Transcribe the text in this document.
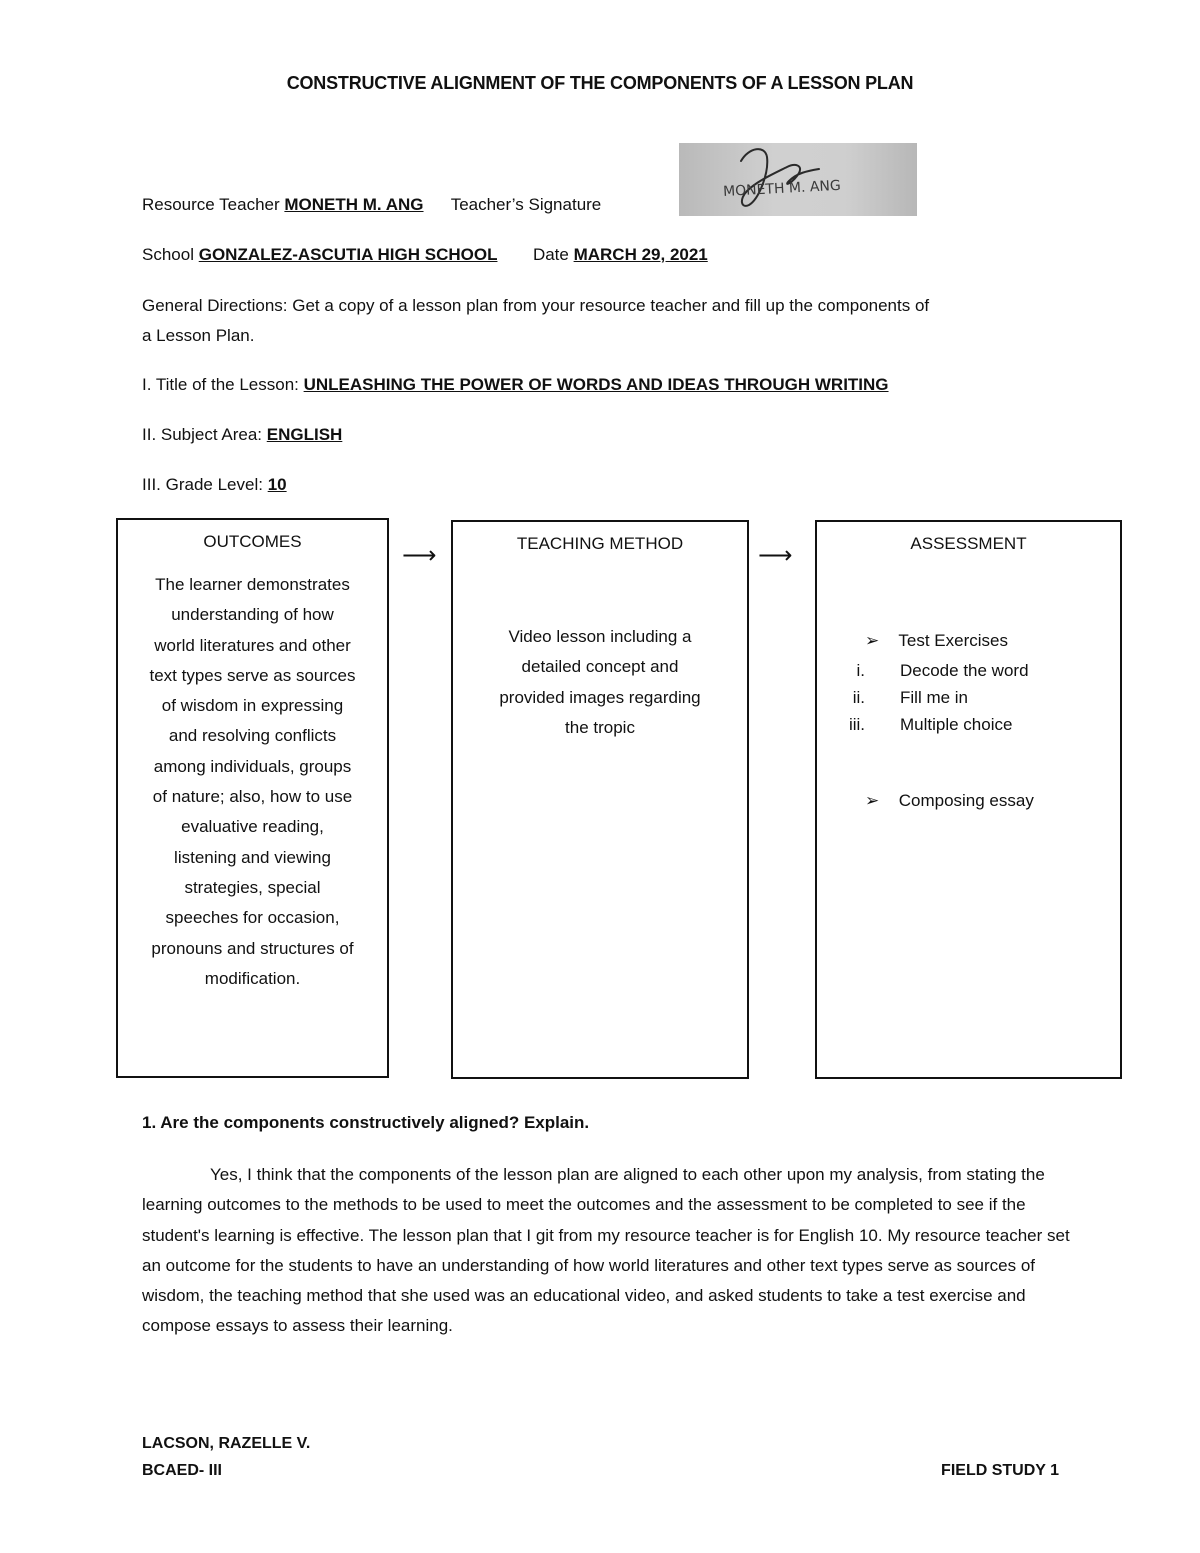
CONSTRUCTIVE ALIGNMENT OF THE COMPONENTS OF A LESSON PLAN
Resource Teacher MONETH M. ANG Teacher’s Signature
MONETH M. ANG
School GONZALEZ-ASCUTIA HIGH SCHOOL Date MARCH 29, 2021
General Directions: Get a copy of a lesson plan from your resource teacher and fill up the components of
a Lesson Plan.
I. Title of the Lesson: UNLEASHING THE POWER OF WORDS AND IDEAS THROUGH WRITING
II. Subject Area: ENGLISH
III. Grade Level: 10
OUTCOMES
The learner demonstrates
understanding of how
world literatures and other
text types serve as sources
of wisdom in expressing
and resolving conflicts
among individuals, groups
of nature; also, how to use
evaluative reading,
listening and viewing
strategies, special
speeches for occasion,
pronouns and structures of
modification.
⟶	TEACHING METHOD
Video lesson including a
detailed concept and
provided images regarding
the tropic
⟶	ASSESSMENT
➢ Test Exercises
i. Decode the word
ii. Fill me in
iii. Multiple choice
➢ Composing essay
1. Are the components constructively aligned? Explain.
Yes, I think that the components of the lesson plan are aligned to each other upon my analysis, from stating the learning outcomes to the methods to be used to meet the outcomes and the assessment to be completed to see if the student's learning is effective. The lesson plan that I git from my resource teacher is for English 10. My resource teacher set an outcome for the students to have an understanding of how world literatures and other text types serve as sources of wisdom, the teaching method that she used was an educational video, and asked students to take a test exercise and compose essays to assess their learning.
LACSON, RAZELLE V.
BCAED- III	FIELD STUDY 1
